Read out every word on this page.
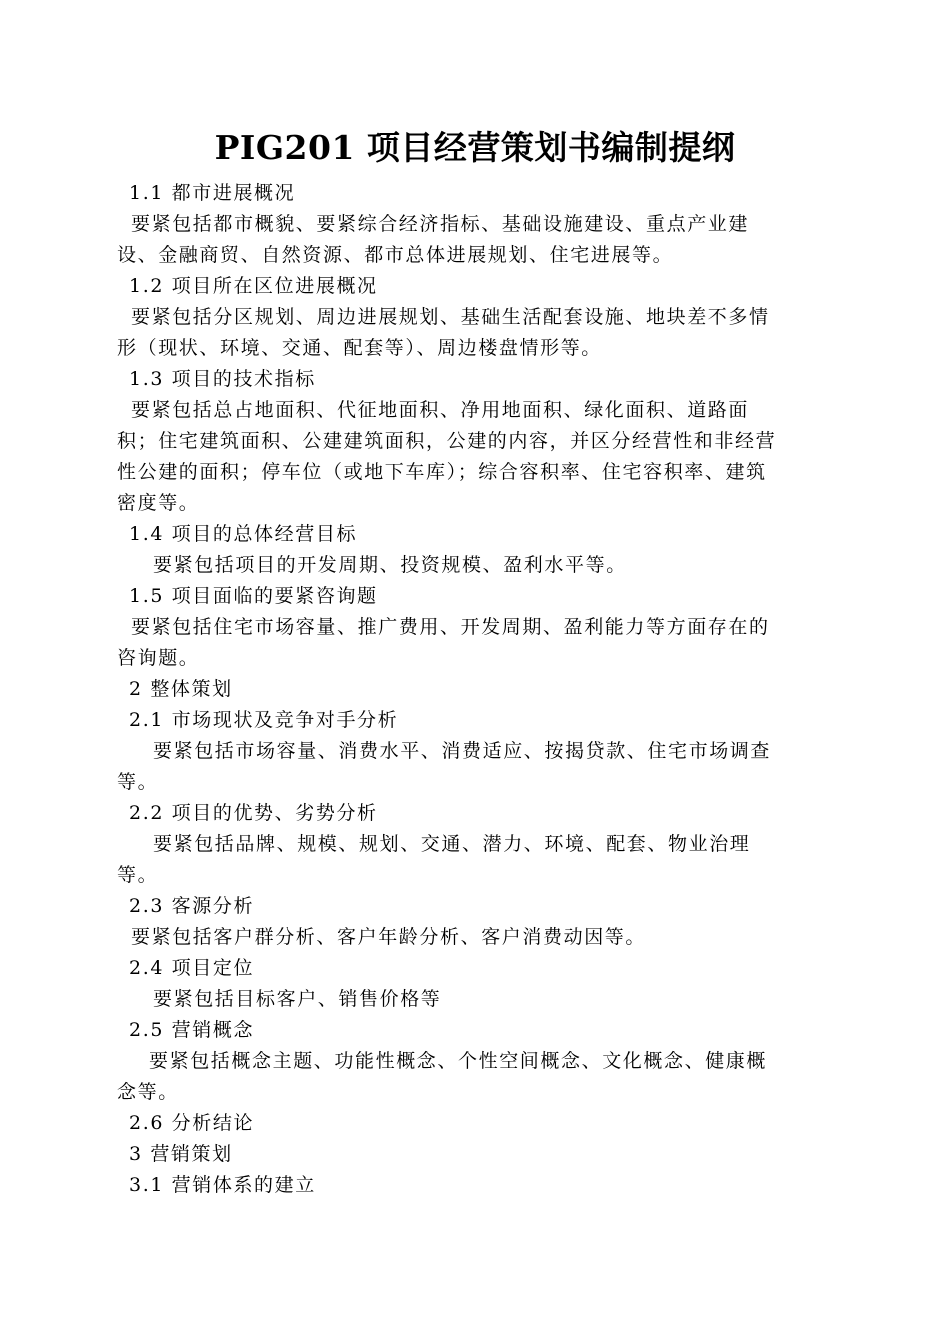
PIG201 项目经营策划书编制提纲
1.1 都市进展概况
要紧包括都市概貌、要紧综合经济指标、基础设施建设、重点产业建
设、金融商贸、自然资源、都市总体进展规划、住宅进展等。
1.2 项目所在区位进展概况
要紧包括分区规划、周边进展规划、基础生活配套设施、地块差不多情
形（现状、环境、交通、配套等）、周边楼盘情形等。
1.3 项目的技术指标
要紧包括总占地面积、代征地面积、净用地面积、绿化面积、道路面
积；住宅建筑面积、公建建筑面积，公建的内容，并区分经营性和非经营
性公建的面积；停车位（或地下车库）；综合容积率、住宅容积率、建筑
密度等。
1.4 项目的总体经营目标
要紧包括项目的开发周期、投资规模、盈利水平等。
1.5 项目面临的要紧咨询题
要紧包括住宅市场容量、推广费用、开发周期、盈利能力等方面存在的
咨询题。
2 整体策划
2.1 市场现状及竞争对手分析
要紧包括市场容量、消费水平、消费适应、按揭贷款、住宅市场调查
等。
2.2 项目的优势、劣势分析
要紧包括品牌、规模、规划、交通、潜力、环境、配套、物业治理
等。
2.3 客源分析
要紧包括客户群分析、客户年龄分析、客户消费动因等。
2.4 项目定位
要紧包括目标客户、销售价格等
2.5 营销概念
要紧包括概念主题、功能性概念、个性空间概念、文化概念、健康概
念等。
2.6 分析结论
3 营销策划
3.1 营销体系的建立
